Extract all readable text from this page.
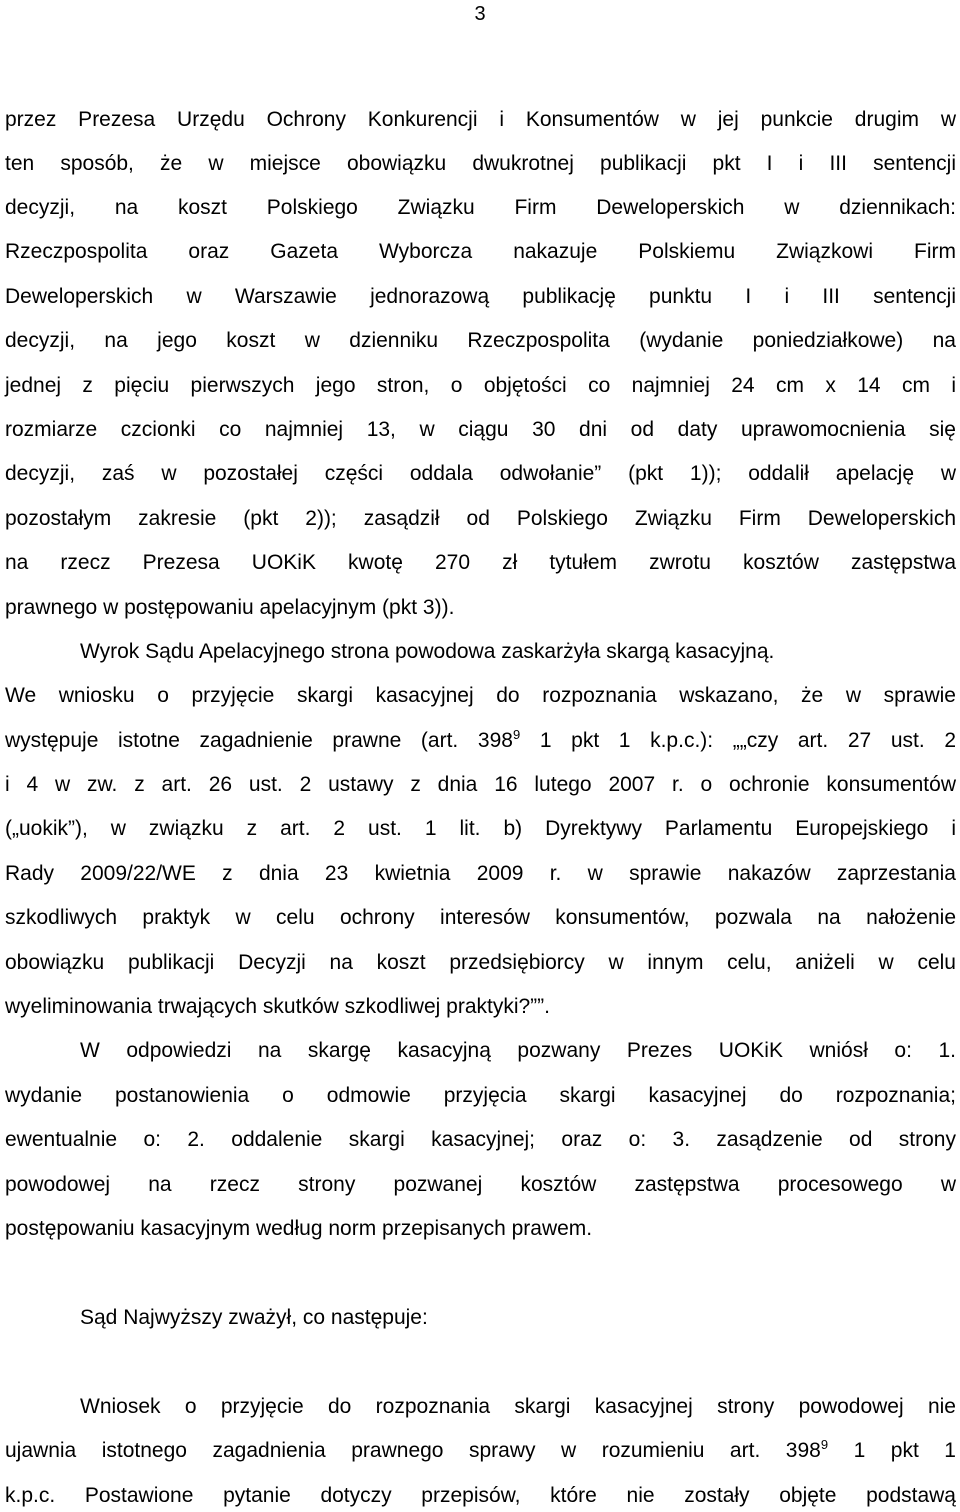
3
przez Prezesa Urzędu Ochrony Konkurencji i Konsumentów w jej punkcie drugim w
ten sposób, że w miejsce obowiązku dwukrotnej publikacji pkt I i III sentencji
decyzji, na koszt Polskiego Związku Firm Deweloperskich w dziennikach:
Rzeczpospolita oraz Gazeta Wyborcza nakazuje Polskiemu Związkowi Firm
Deweloperskich w Warszawie jednorazową publikację punktu I i III sentencji
decyzji, na jego koszt w dzienniku Rzeczpospolita (wydanie poniedziałkowe) na
jednej z pięciu pierwszych jego stron, o objętości co najmniej 24 cm x 14 cm i
rozmiarze czcionki co najmniej 13, w ciągu 30 dni od daty uprawomocnienia się
decyzji, zaś w pozostałej części oddala odwołanie” (pkt 1)); oddalił apelację w
pozostałym zakresie (pkt 2)); zasądził od Polskiego Związku Firm Deweloperskich
na rzecz Prezesa UOKiK kwotę 270 zł tytułem zwrotu kosztów zastępstwa
prawnego w postępowaniu apelacyjnym (pkt 3)).
Wyrok Sądu Apelacyjnego strona powodowa zaskarżyła skargą kasacyjną.
We wniosku o przyjęcie skargi kasacyjnej do rozpoznania wskazano, że w sprawie
występuje istotne zagadnienie prawne (art. $398^9$ 1 pkt 1 k.p.c.): „„czy art. 27 ust. 2
i 4 w zw. z art. 26 ust. 2 ustawy z dnia 16 lutego 2007 r. o ochronie konsumentów
(„uokik”), w związku z art. 2 ust. 1 lit. b) Dyrektywy Parlamentu Europejskiego i
Rady 2009/22/WE z dnia 23 kwietnia 2009 r. w sprawie nakazów zaprzestania
szkodliwych praktyk w celu ochrony interesów konsumentów, pozwala na nałożenie
obowiązku publikacji Decyzji na koszt przedsiębiorcy w innym celu, aniżeli w celu
wyeliminowania trwających skutków szkodliwej praktyki?””.
W odpowiedzi na skargę kasacyjną pozwany Prezes UOKiK wniósł o: 1.
wydanie postanowienia o odmowie przyjęcia skargi kasacyjnej do rozpoznania;
ewentualnie o: 2. oddalenie skargi kasacyjnej; oraz o: 3. zasądzenie od strony
powodowej na rzecz strony pozwanej kosztów zastępstwa procesowego w
postępowaniu kasacyjnym według norm przepisanych prawem.
Sąd Najwyższy zważył, co następuje:
Wniosek o przyjęcie do rozpoznania skargi kasacyjnej strony powodowej nie
ujawnia istotnego zagadnienia prawnego sprawy w rozumieniu art. $398^9$ 1 pkt 1
k.p.c. Postawione pytanie dotyczy przepisów, które nie zostały objęte podstawą
